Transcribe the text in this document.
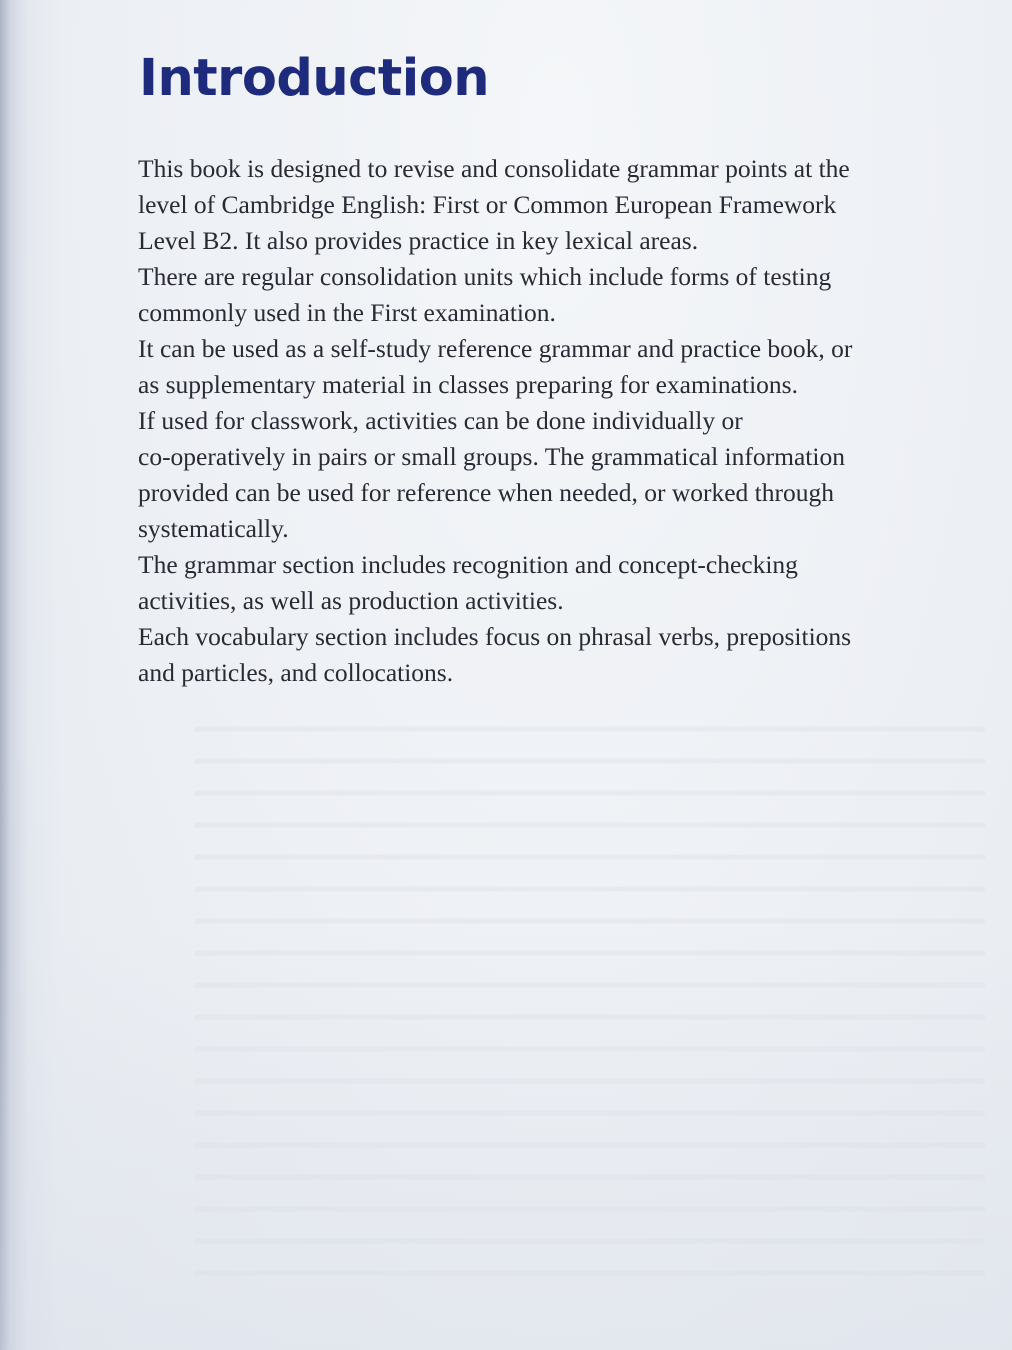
Introduction
This book is designed to revise and consolidate grammar points at the
level of Cambridge English: First or Common European Framework
Level B2. It also provides practice in key lexical areas.
There are regular consolidation units which include forms of testing
commonly used in the First examination.
It can be used as a self-study reference grammar and practice book, or
as supplementary material in classes preparing for examinations.
If used for classwork, activities can be done individually or
co-operatively in pairs or small groups. The grammatical information
provided can be used for reference when needed, or worked through
systematically.
The grammar section includes recognition and concept-checking
activities, as well as production activities.
Each vocabulary section includes focus on phrasal verbs, prepositions
and particles, and collocations.
